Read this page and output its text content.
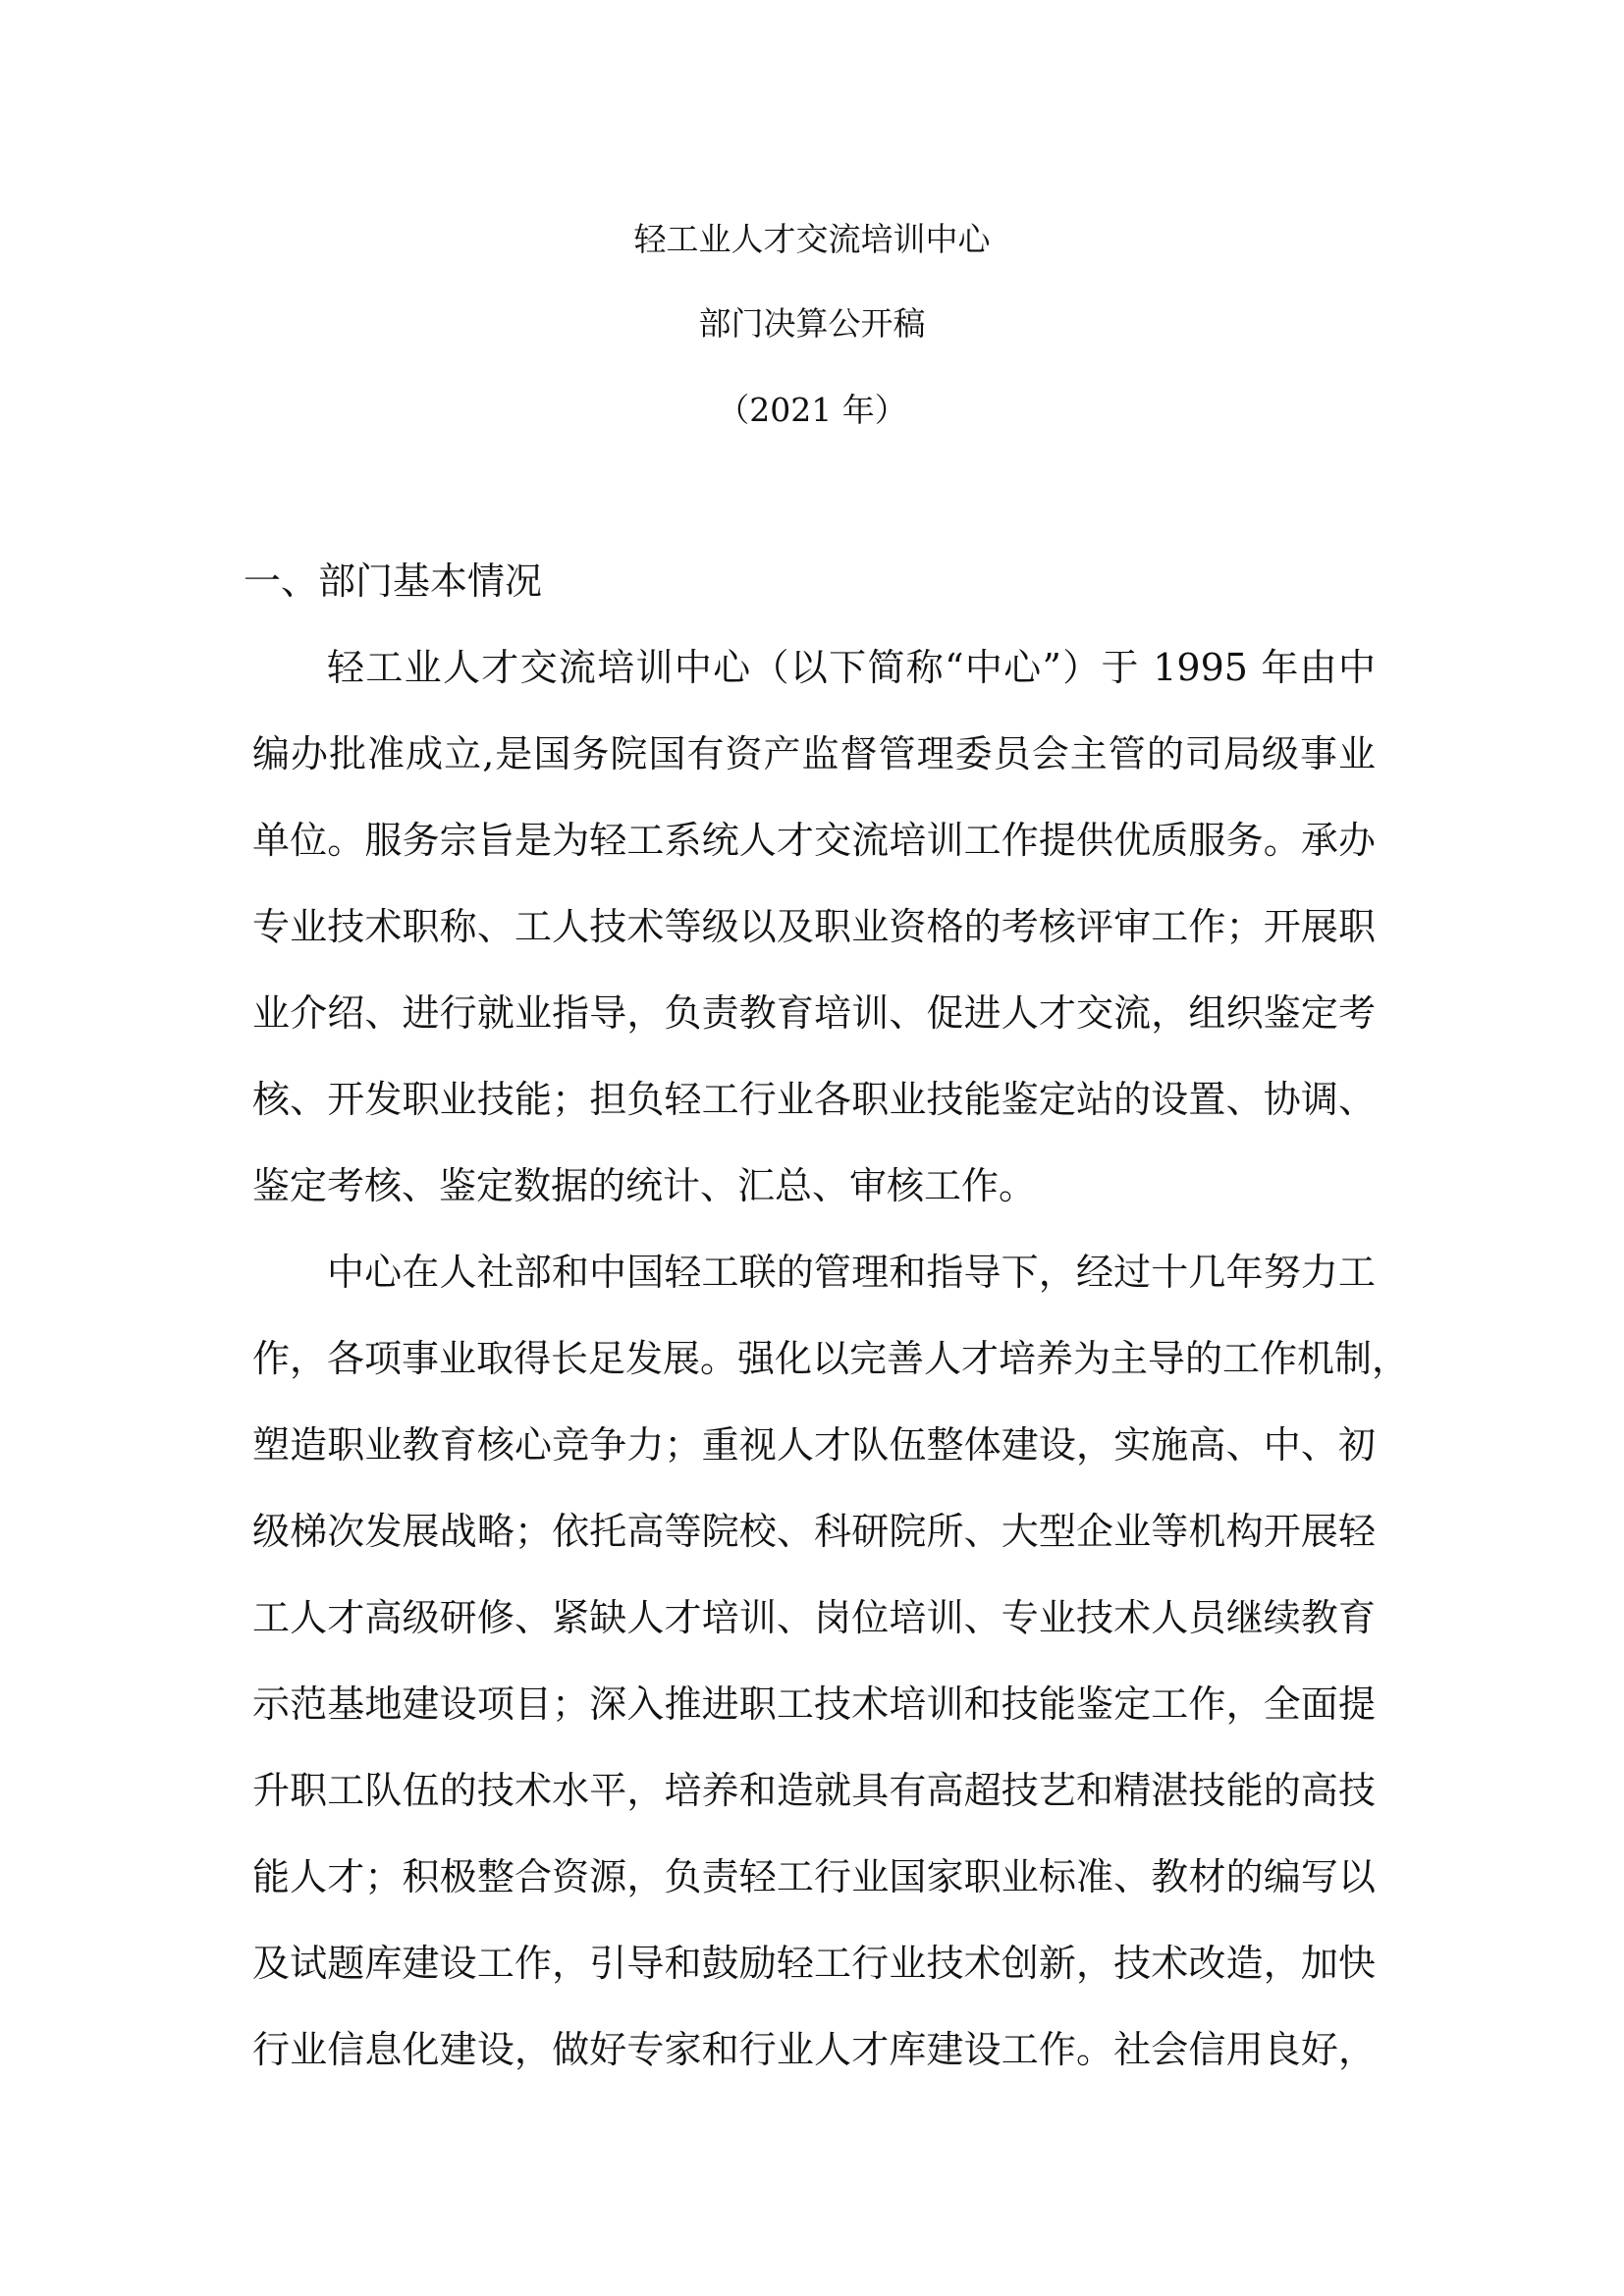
轻工业人才交流培训中心
部门决算公开稿
（2021 年）
一、部门基本情况
轻工业人才交流培训中心（以下简称“中心”）于 1995 年由中
编办批准成立,是国务院国有资产监督管理委员会主管的司局级事业
单位。服务宗旨是为轻工系统人才交流培训工作提供优质服务。承办
专业技术职称、工人技术等级以及职业资格的考核评审工作；开展职
业介绍、进行就业指导，负责教育培训、促进人才交流，组织鉴定考
核、开发职业技能；担负轻工行业各职业技能鉴定站的设置、协调、
鉴定考核、鉴定数据的统计、汇总、审核工作。
中心在人社部和中国轻工联的管理和指导下，经过十几年努力工
作，各项事业取得长足发展。强化以完善人才培养为主导的工作机制，
塑造职业教育核心竞争力；重视人才队伍整体建设，实施高、中、初
级梯次发展战略；依托高等院校、科研院所、大型企业等机构开展轻
工人才高级研修、紧缺人才培训、岗位培训、专业技术人员继续教育
示范基地建设项目；深入推进职工技术培训和技能鉴定工作，全面提
升职工队伍的技术水平，培养和造就具有高超技艺和精湛技能的高技
能人才；积极整合资源，负责轻工行业国家职业标准、教材的编写以
及试题库建设工作，引导和鼓励轻工行业技术创新，技术改造，加快
行业信息化建设，做好专家和行业人才库建设工作。社会信用良好，
